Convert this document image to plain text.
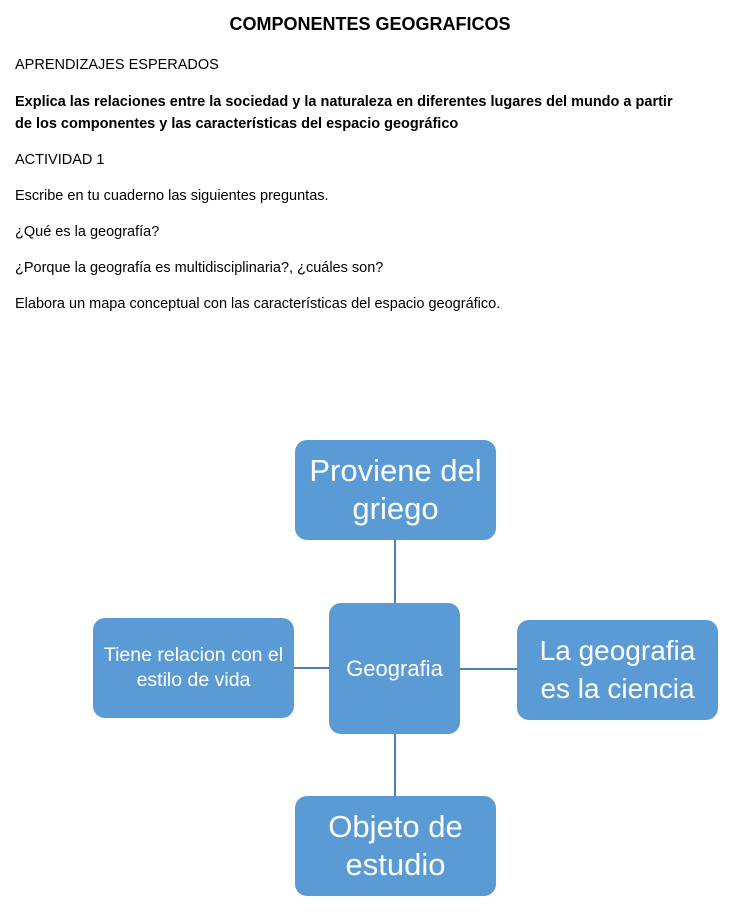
COMPONENTES GEOGRAFICOS
APRENDIZAJES ESPERADOS
Explica las relaciones entre la sociedad y la naturaleza en diferentes lugares del mundo a partir
de los componentes y las características del espacio geográfico
ACTIVIDAD 1
Escribe en tu cuaderno las siguientes preguntas.
¿Qué es la geografía?
¿Porque la geografía es multidisciplinaria?, ¿cuáles son?
Elabora un mapa conceptual con las características del espacio geográfico.
Proviene del griego
Geografia
Tiene relacion con el estilo de vida
La geografia es la ciencia
Objeto de estudio
